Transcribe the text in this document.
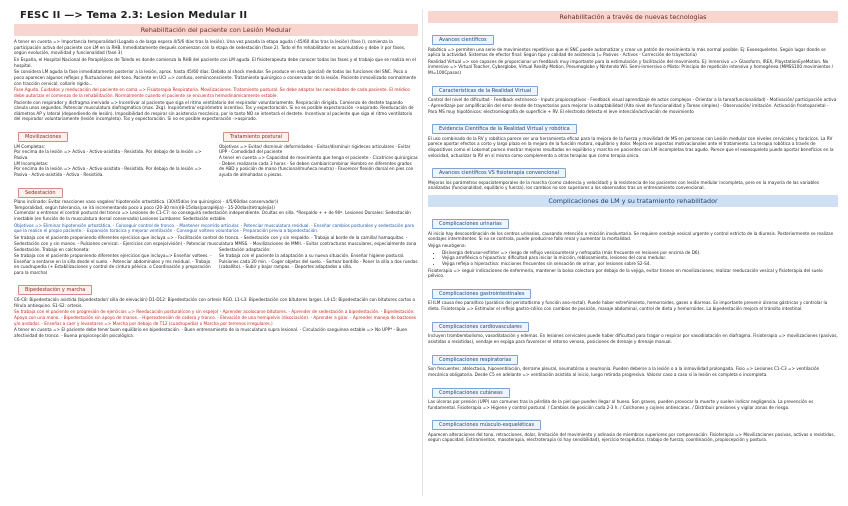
FESC II —> Tema 2.3: Lesion Medular II
Rehabilitación del paciente con Lesión Medular

A tener en cuenta => Importancia temporalidad (Logado o de larga espera 4/5/6 días tras la lesión). Una vez pasada la etapa aguda (-45/60 días tras la lesión) (fase I), comienza la participación activa del paciente con LM en la RHB. Inmediatamente después comienzan con la etapa de sedestación (fase 2). Todo el fin rehabilitador es acumulativo y debe ir por fases, según evolución, movilidad y funcionalidad (fase 3)

En España, el Hospital Nacional de Parapléjicos de Toledo es donde comienza la RHB del paciente con LM aguda. El fisioterapeuta debe conocer todas las fases y el trabajo que se realiza en el hospital.

Se considera LM aguda la fase inmediatamente posterior a la lesión, aprox. hasta 45/60 días. Debido al shock medular. Se produce en esta (parcial) de todas las funciones del SNC. Poco a poco aparecen algunos reflejos y fluctuaciones del tono. Paciente en UCI => confuso, semiinconsciente. Tratamiento quirúrgico o conservador de la lesión. Paciente inmovilizado normalmente con tracción cervical, collarín rígido...

Fase Aguda. Cuidados y reeducación del paciente en cama => Fisioterapia Respiratoria. Movilizaciones. Tratamiento postural. Se debe adaptar las necesidades de cada paciente. El médico debe autorizar el comienzo de la rehabilitación. Normalmente cuando el paciente se encuentra hemodinámicamente estable.

Paciente con respirador y disfragma inervado => Incentivar al paciente que siga el ritmo ventilatorio del respirador voluntariamente. Respiración dirigida. Comienzo de destete tapando cánula unos segundos. Potenciar musculatura diafragmática (max. 2kg). Inspirómetro/ espirómetro incentivo. Tos y expectoración. Si no es posible expectoración ->aspirado. Reeducación de diámetros AP y lateral (dependiendo de lesión). Imposibilidad de respirar sin asistencia mecánica, por lo tanto NO se intentará el destete. Incentivar al paciente que siga el ritmo ventilatorio del respirador voluntariamente (lesión incompleta). Tos y expectoración. Si no es posible expectoración ->aspirado.

Movilizaciones

LM Completas:
Por encima de la lesión => Activa - Activo-asistida - Resistida. Por debajo de la lesión => Pasiva.
LM Incompletas:
Por encima de la lesión => Activa - Activo-asistida - Resistida. Por debajo de la lesión => Pasiva - Activo-asistida - Activa - Resistida.

Tratamiento postural

Objetivos => Evitar/ disminuir deformidades - Evitar/disminuir rigideces articulares - Evitar UPP - Comodidad del paciente
A tener en cuenta => Capacidad de movimiento que tenga el paciente - Cicatrices quirúrgicas - Deben realizarse cada 3 horas - Se deben cambiar/combinar Hombro en diferentes grados de ABD y posición de mano (funcional/muñeca neutra) - Favorecer flexión dorsal en pies con ayuda de almohadas o piezas.

Sedestación

Plano inclinado: Evitar reacciones vaso vagales/ hipotensión ortostática. (30/45días (no quirúrgico) - 4/5/60días conservador))
Temporalidad, según tolerancia, se irá incrementando poco a poco (20-30 min)(8-15días(parapléjia) - 15-20días(tetraplejia))
Comenzar a entrenar el control postural del tronco => Lesiones de C1-C7: no conseguirá sedestación independiente. Ocultas en silla. *Respaldo + + de 90º. Lesiones Dorsales: Sedestación inestable (en función de la musculatura dorsal conservada) Lesiones Lumbares: Sedestación estable.

Objetivos => Eliminar hipotensión ortostática. - Conseguir control de tronco. - Mantener recorrido articular. - Potenciar musculatura residual. - Enseñar cambios posturales y sedestación para que la realice el propio paciente. - Expansión torácica y mejorar ventilación - Conseguir voltees voluntarios - Preparación previa a bipedestación.

Se trabaja con el paciente proponiendo diferentes ejercicios que incluya => - Facilitación control de tronco. - Sedestación con y sin respaldo. - Trabajo al borde de la camilla/ hamaquitas. - Sedestación con y sin manos. - Pulsiones cervical. - Ejercicios con espejo(visión) - Potenciar musculatura MMSS. - Movilizaciones de MMII. - Evitar contracturas musculares, especialmente zona

Sedestación. Trabajo en colchoneta:
Se trabaja con el paciente proponiendo diferentes ejercicios que incluya=> Enseñar voltees. - Enseñar a sentarse en la silla desde el suelo. - Potenciar abdominales y ms residual. - Trabajo en cuadrupedia (+ Estabilizaciones y control de cintura pélvica. o Coordinación y preparación para la marcha)

Sedestación adaptación:
Se trabaja con el paciente la adaptación a su nueva situación. Enseñar higiene postural. Pulsiones cada 20 min. - Coger objetos del suelo. - Sortear bordillo - Poner la silla a dos ruedas (caballito). - Subir y bajar rampas. - Deportes adaptados a silla.

Bipedestación y marcha

C6-C8: Bipedestación asistida (bipedestador/ silla de elevación) D1-D12: Bipedestación con ortesis RGO. L1-L3: Bipedestación con bitutores largos. L4-L5: Bipedestación con bitutores cortos o férula antiequino. S1-S2: ortesis.

Se trabaja con el paciente en progresión de ejercicios => Reeducación postural(con y sin espejo) - Aprender acolocarse bitutores. - Aprender de sedestación a bipedestación. - Bipedestación: Apoyo con una mano. - Bipedestación sin apoyo de manos. - Hiperextensión de cadera y tronco. - Elevación de una hemipelvis (disociación). - Aprender a girar. - Aprender manejo de bastones y/o andador. - Enseñar a caer y levantarse => Marcha por debajo de T12 (cuadrupedia) o Marcha por terrenos irregulares.)

A tener en cuenta => El paciente debe tener buen equilibrio en bipedestación. - Buen entrenamiento de la musculatura supra lesional. - Circulación sanguínea estable => No UPP* - Buen afectividad de tronco. - Buena propiocepción psicológica.

Rehabilitación a través de nuevas tecnologías
Avances científicos

Robótica => permiten una serie de movimientos repetitivos que el SNC puede automatizar y crear un patrón de movimiento lo más normal posible. Ej: Exoesqueletos. Según lugar donde se aplica la actividad. Sistemas de efector final: Según tipo y calidad de asistencia (= Pasivos - Activos - Corrección de trayectoria)

Realidad Virtual => son capaces de proporcionar un feedback muy importante para la estimulación y facilitación del movimiento. Ej: Inmersivo => Glassform, IREX, PlaystationEyeMotion. No inmersivo => Virtual Teacher, Cyberglobe, Virtual Reality Motion, Pneumoglobe y Nintendo Wii. Semi-inmersivo o Mixto: Principio de repetición intensiva y homogénea (MMSS100 movimientos / MI=100Cpasos)

Características de la Realidad Virtual

Control del nivel de dificultad - Feedback extrínseco - Inputs propioceptivos - Feedback visual aprendizaje de actos complejos - Orientar a la tarea(funcionalidad) - Motivación/ participación activa - Aprendizaje por amplificación del error desde de trayectorias para mejorar la adaptabilidad (Alto nivel de funcionalidad y Tareas simples) - Observación/ imitación. Activación frontoparietal - Para MS muy hipotónicos: electromiografía de superficie + RV. El electrodo detecta el leve intención/activación de movimiento

Evidencia Científica de la Realidad Virtual y robótica

El uso combinado de la RV y robótica parece ser una herramienta eficaz para la mejora de la fuerza y movilidad de MS en personas con Lesión medular con niveles cervicales y torácicos. La RV parece aportar efectos a corto y largo plazo en la mejora de la función motora, equilibrio y dolor. Mejora en aspectos motivacionales ante el tratamiento. La terapia robótica a través de dispositivos como el Lokomat parece mostrar mejores resultados en equilibrio y marcha en pacientes con LM incompletas tras agudo. Parece que el exoesqueleto puede aportar beneficios en la velocidad, actualizar la RV en sí misma como complemento a otras terapias que como terapia única.

Avances científicos VS fisioterapia convencional

Mejoras los parámetros espaciotemporales de la marcha (como cadencia y velocidad) y la resistencia de los pacientes con lesión medular incompleta, pero en la mayoría de las variables analizadas (funcionalidad, equilibrio y fuerza), los cambios no son superiores a los observados tras un entrenamiento convencional.

Complicaciones de LM y su tratamiento rehabilitador
Complicaciones urinarias

Al inicio hay descoordinación de los centros urinarios, causando retención o micción involuntaria. Se requiere sondaje vesical urgente y control estricto de la diuresis. Posteriormente se realizan sondajes intermitentes. Si no se controla, puede producirse fallo renal y aumentar la mortalidad.

Vejiga neurógena:

• Disinergia detrusor-esfínter => riesgo de reflujo vesicoureteral y nefropatía (más frecuente en lesiones por encima de D6).
• Vejiga arrefléxica o hipoactiva: dificultad para iniciar la micción, reblosamiento, lesiones del cono medular.
• Vejiga refleja o hiperactiva: micciones frecuentes sin sensación de orinar, por lesiones sobre S2-S4.

Fisioterapia => seguir indicaciones de enfermería, mantener la bolsa colectora por debajo de la vejiga, evitar tirones en movilizaciones, realizar reeducación vesical y fisioterapia del suelo pélvico.

Complicaciones gastrointestinales

El ILM causa íleo paralítico (parálisis del peristaltismo y función ano-rectal). Puede haber estreñimiento, hemorroides, gases o diarreas. Es importante prevenir úlceras gástricas y controlar la dieta. Fisioterapia => Estimular el reflejo gastro-cólico con cambios de posición, masaje abdominal, control de dieta y hemorroides. La bipedestación mejora el tránsito intestinal.

Complicaciones cardiovasculares

Incluyen trombembolismo, vasodilatación y edemas. En lesiones cervicales puede haber dificultad para tragar o respirar por vasodilatación en diafragma. Fisioterapia => movilizaciones (pasivas, asistidas o resistidas), vendaje en espiga para favorecer el retorno venoso, posiciones de drenaje y drenaje manual.

Complicaciones respiratorias

Son frecuentes: atelectasia, hipoventilación, derrame pleural, neumotórax o neumonía. Pueden deberse a la lesión o a la inmovilidad prolongada. Fisio => Lesiones C1-C3 => ventilación mecánica obligatoria. Desde C5 en adelante => ventilación asistida al inicio, luego retirada progresiva. Valorar caso a caso si la lesión es completa o incompleta.

Complicaciones cutáneas

Las úlceras por presión (UPP) son comunes tras la pérdida de la piel que pueden llegar al hueso. Son graves, pueden provocar la muerte y suelen indicar negligencia. La prevención es fundamental. Fisioterapia => Higiene y control postural. / Cambios de posición cada 2-3 h. / Colchones y cojines antiescaras. / Distribuir presiones y vigilar zonas de riesgo.

Complicaciones músculo-esqueléticas

Aparecen alteraciones del tono, retracciones, dolor, limitación del movimiento y adinasia de miembros superiores por compensación. Fisioterapia => Movilizaciones pasivas, activas o resistidas, según capacidad. Estiramientos, masoterapia, electroterapia (si hay sensibilidad), ejercicio terapéutico, trabajo de fuerza, coordinación, propiocepción y postura.
